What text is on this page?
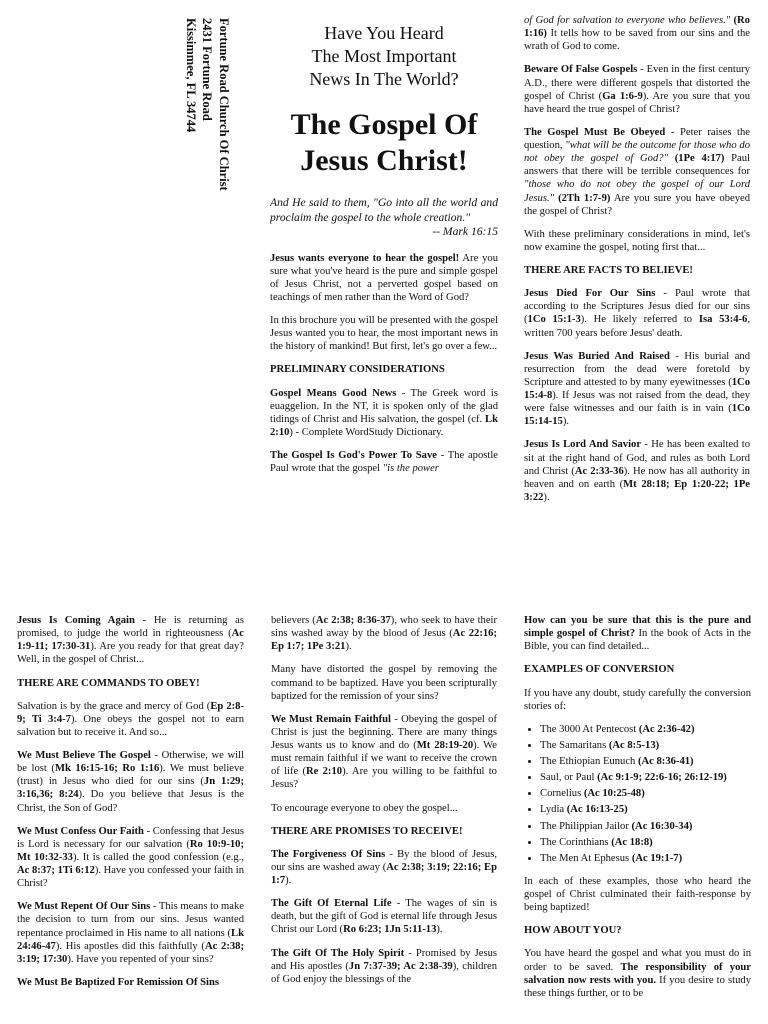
Fortune Road Church Of Christ
2431 Fortune Road
Kissimmee, FL 34744	Have You Heard
The Most Important
News In The World?
The Gospel Of
Jesus Christ!
And He said to them, "Go into all the world and proclaim the gospel to the whole creation."
-- Mark 16:15

Jesus wants everyone to hear the gospel! Are you sure what you've heard is the pure and simple gospel of Jesus Christ, not a perverted gospel based on teachings of men rather than the Word of God?

In this brochure you will be presented with the gospel Jesus wanted you to hear, the most important news in the history of mankind! But first, let's go over a few...

PRELIMINARY CONSIDERATIONS

Gospel Means Good News - The Greek word is euaggelion. In the NT, it is spoken only of the glad tidings of Christ and His salvation, the gospel (cf. Lk 2:10) - Complete WordStudy Dictionary.

The Gospel Is God's Power To Save - The apostle Paul wrote that the gospel "is the power

of God for salvation to everyone who believes." (Ro 1:16) It tells how to be saved from our sins and the wrath of God to come.

Beware Of False Gospels - Even in the first century A.D., there were different gospels that distorted the gospel of Christ (Ga 1:6-9). Are you sure that you have heard the true gospel of Christ?

The Gospel Must Be Obeyed - Peter raises the question, "what will be the outcome for those who do not obey the gospel of God?" (1Pe 4:17) Paul answers that there will be terrible consequences for "those who do not obey the gospel of our Lord Jesus." (2Th 1:7-9) Are you sure you have obeyed the gospel of Christ?

With these preliminary considerations in mind, let's now examine the gospel, noting first that...

THERE ARE FACTS TO BELIEVE!

Jesus Died For Our Sins - Paul wrote that according to the Scriptures Jesus died for our sins (1Co 15:1-3). He likely referred to Isa 53:4-6, written 700 years before Jesus' death.

Jesus Was Buried And Raised - His burial and resurrection from the dead were foretold by Scripture and attested to by many eyewitnesses (1Co 15:4-8). If Jesus was not raised from the dead, they were false witnesses and our faith is in vain (1Co 15:14-15).

Jesus Is Lord And Savior - He has been exalted to sit at the right hand of God, and rules as both Lord and Christ (Ac 2:33-36). He now has all authority in heaven and on earth (Mt 28:18; Ep 1:20-22; 1Pe 3:22).

Jesus Is Coming Again - He is returning as promised, to judge the world in righteousness (Ac 1:9-11; 17:30-31). Are you ready for that great day? Well, in the gospel of Christ...

THERE ARE COMMANDS TO OBEY!

Salvation is by the grace and mercy of God (Ep 2:8-9; Ti 3:4-7). One obeys the gospel not to earn salvation but to receive it. And so...

We Must Believe The Gospel - Otherwise, we will be lost (Mk 16:15-16; Ro 1:16). We must believe (trust) in Jesus who died for our sins (Jn 1:29; 3:16,36; 8:24). Do you believe that Jesus is the Christ, the Son of God?

We Must Confess Our Faith - Confessing that Jesus is Lord is necessary for our salvation (Ro 10:9-10; Mt 10:32-33). It is called the good confession (e.g., Ac 8:37; 1Ti 6:12). Have you confessed your faith in Christ?

We Must Repent Of Our Sins - This means to make the decision to turn from our sins. Jesus wanted repentance proclaimed in His name to all nations (Lk 24:46-47). His apostles did this faithfully (Ac 2:38; 3:19; 17:30). Have you repented of your sins?

We Must Be Baptized For Remission Of Sins

believers (Ac 2:38; 8:36-37), who seek to have their sins washed away by the blood of Jesus (Ac 22:16; Ep 1:7; 1Pe 3:21).

Many have distorted the gospel by removing the command to be baptized. Have you been scripturally baptized for the remission of your sins?

We Must Remain Faithful - Obeying the gospel of Christ is just the beginning. There are many things Jesus wants us to know and do (Mt 28:19-20). We must remain faithful if we want to receive the crown of life (Re 2:10). Are you willing to be faithful to Jesus?

To encourage everyone to obey the gospel...

THERE ARE PROMISES TO RECEIVE!

The Forgiveness Of Sins - By the blood of Jesus, our sins are washed away (Ac 2:38; 3:19; 22:16; Ep 1:7).

The Gift Of Eternal Life - The wages of sin is death, but the gift of God is eternal life through Jesus Christ our Lord (Ro 6:23; 1Jn 5:11-13).

The Gift Of The Holy Spirit - Promised by Jesus and His apostles (Jn 7:37-39; Ac 2:38-39), children of God enjoy the blessings of the

How can you be sure that this is the pure and simple gospel of Christ? In the book of Acts in the Bible, you can find detailed...

EXAMPLES OF CONVERSION

If you have any doubt, study carefully the conversion stories of:

• The 3000 At Pentecost (Ac 2:36-42)
• The Samaritans (Ac 8:5-13)
• The Ethiopian Eunuch (Ac 8:36-41)
• Saul, or Paul (Ac 9:1-9; 22:6-16; 26:12-19)
• Cornelius (Ac 10:25-48)
• Lydia (Ac 16:13-25)
• The Philippian Jailor (Ac 16:30-34)
• The Corinthians (Ac 18:8)
• The Men At Ephesus (Ac 19:1-7)

In each of these examples, those who heard the gospel of Christ culminated their faith-response by being baptized!

HOW ABOUT YOU?

You have heard the gospel and what you must do in order to be saved. The responsibility of your salvation now rests with you. If you desire to study these things further, or to be
